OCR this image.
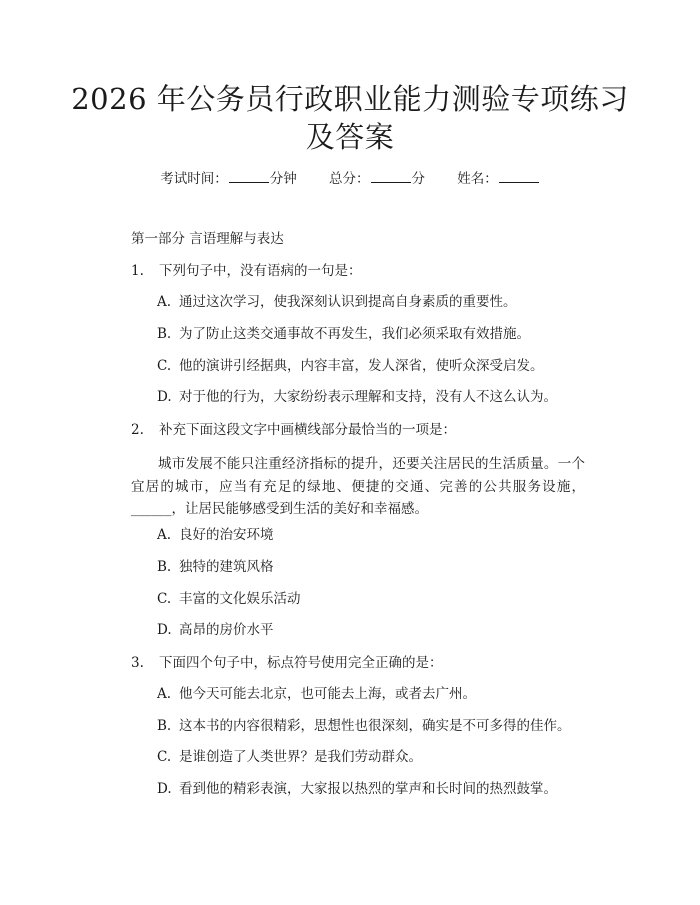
2026 年公务员行政职业能力测验专项练习及答案
考试时间：	分钟 总分：	分 姓名：
第一部分 言语理解与表达
1. 下列句子中，没有语病的一句是：
A. 通过这次学习，使我深刻认识到提高自身素质的重要性。
B. 为了防止这类交通事故不再发生，我们必须采取有效措施。
C. 他的演讲引经据典，内容丰富，发人深省，使听众深受启发。
D. 对于他的行为，大家纷纷表示理解和支持，没有人不这么认为。
2. 补充下面这段文字中画横线部分最恰当的一项是：
城市发展不能只注重经济指标的提升，还要关注居民的生活质量。一个宜居的城市，应当有充足的绿地、便捷的交通、完善的公共服务设施，______，让居民能够感受到生活的美好和幸福感。
A. 良好的治安环境
B. 独特的建筑风格
C. 丰富的文化娱乐活动
D. 高昂的房价水平
3. 下面四个句子中，标点符号使用完全正确的是：
A. 他今天可能去北京，也可能去上海，或者去广州。
B. 这本书的内容很精彩，思想性也很深刻，确实是不可多得的佳作。
C. 是谁创造了人类世界？是我们劳动群众。
D. 看到他的精彩表演，大家报以热烈的掌声和长时间的热烈鼓掌。
